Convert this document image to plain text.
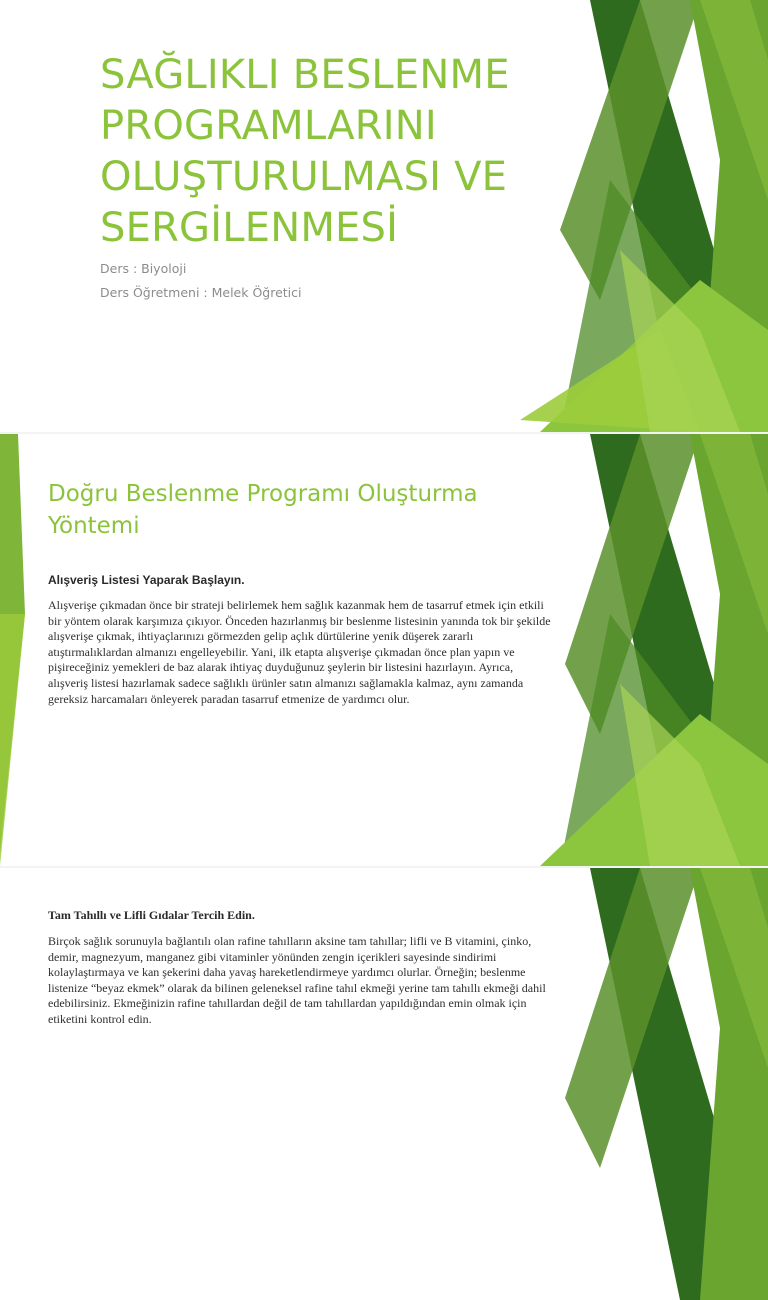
SAĞLIKLI BESLENME PROGRAMLARINI OLUŞTURULMASI VE SERGİLENMESİ
Ders : Biyoloji
Ders Öğretmeni : Melek Öğretici
Doğru Beslenme Programı Oluşturma Yöntemi
Alışveriş Listesi Yaparak Başlayın.

Alışverişe çıkmadan önce bir strateji belirlemek hem sağlık kazanmak hem de tasarruf etmek için etkili bir yöntem olarak karşımıza çıkıyor. Önceden hazırlanmış bir beslenme listesinin yanında tok bir şekilde alışverişe çıkmak, ihtiyaçlarınızı görmezden gelip açlık dürtülerine yenik düşerek zararlı atıştırmalıklardan almanızı engelleyebilir. Yani, ilk etapta alışverişe çıkmadan önce plan yapın ve pişireceğiniz yemekleri de baz alarak ihtiyaç duyduğunuz şeylerin bir listesini hazırlayın. Ayrıca, alışveriş listesi hazırlamak sadece sağlıklı ürünler satın almanızı sağlamakla kalmaz, aynı zamanda gereksiz harcamaları önleyerek paradan tasarruf etmenize de yardımcı olur.

Tam Tahıllı ve Lifli Gıdalar Tercih Edin.

Birçok sağlık sorunuyla bağlantılı olan rafine tahılların aksine tam tahıllar; lifli ve B vitamini, çinko, demir, magnezyum, manganez gibi vitaminler yönünden zengin içerikleri sayesinde sindirimi kolaylaştırmaya ve kan şekerini daha yavaş hareketlendirmeye yardımcı olurlar. Örneğin; beslenme listenize “beyaz ekmek” olarak da bilinen geleneksel rafine tahıl ekmeği yerine tam tahıllı ekmeği dahil edebilirsiniz. Ekmeğinizin rafine tahıllardan değil de tam tahıllardan yapıldığından emin olmak için etiketini kontrol edin.
